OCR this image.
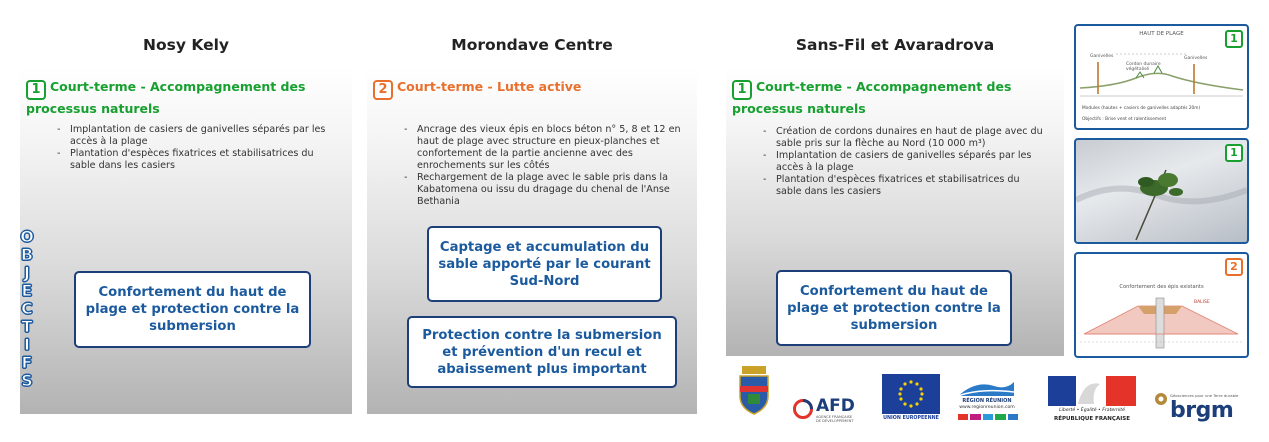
Nosy Kely	Morondave Centre	Sans-Fil et Avaradrova
1 Court-terme - Accompagnement des processus naturels
- Implantation de casiers de ganivelles séparés par les accès à la plage
- Plantation d'espèces fixatrices et stabilisatrices du sable dans les casiers
Confortement du haut de plage et protection contre la submersion
O
B
J
E
C
T
I
F
S
2 Court-terme - Lutte active
- Ancrage des vieux épis en blocs béton n° 5, 8 et 12 en haut de plage avec structure en pieux-planches et confortement de la partie ancienne avec des enrochements sur les côtés
- Rechargement de la plage avec le sable pris dans la Kabatomena ou issu du dragage du chenal de l'Anse Bethania
Captage et accumulation du sable apporté par le courant Sud-Nord
Protection contre la submersion et prévention d'un recul et abaissement plus important
1 Court-terme - Accompagnement des processus naturels
- Création de cordons dunaires en haut de plage avec du sable pris sur la flèche au Nord (10 000 m³)
- Implantation de casiers de ganivelles séparés par les accès à la plage
- Plantation d'espèces fixatrices et stabilisatrices du sable dans les casiers
Confortement du haut de plage et protection contre la submersion
HAUT DE PLAGE
Ganivelles
Cordon dunaire végétalisé
Ganivelles
Modules (hautes + casiers de ganivelles adaptés 20m)
Objectifs : Brise vent et ralentissement
1
1
Confortement des épis existants
BALISE
2
AFD
AGENCE FRANÇAISE DE DÉVELOPPEMENT
UNION EUROPEENNE
RÉGION RÉUNION
www.regionreunion.com
Liberté • Égalité • Fraternité
RÉPUBLIQUE FRANÇAISE
Géosciences pour une Terre durable
brgm
